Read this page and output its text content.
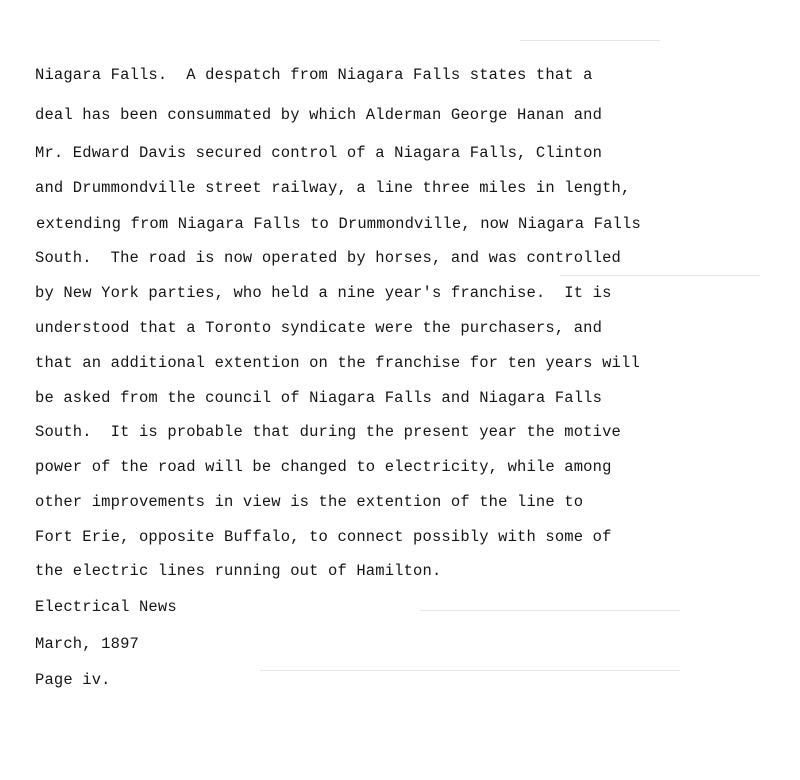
Niagara Falls.  A despatch from Niagara Falls states that a

deal has been consummated by which Alderman George Hanan and

Mr. Edward Davis secured control of a Niagara Falls, Clinton

and Drummondville street railway, a line three miles in length,

extending from Niagara Falls to Drummondville, now Niagara Falls

South.  The road is now operated by horses, and was controlled

by New York parties, who held a nine year's franchise.  It is

understood that a Toronto syndicate were the purchasers, and

that an additional extention on the franchise for ten years will

be asked from the council of Niagara Falls and Niagara Falls

South.  It is probable that during the present year the motive

power of the road will be changed to electricity, while among

other improvements in view is the extention of the line to

Fort Erie, opposite Buffalo, to connect possibly with some of

the electric lines running out of Hamilton.

Electrical News

March, 1897

Page iv.
